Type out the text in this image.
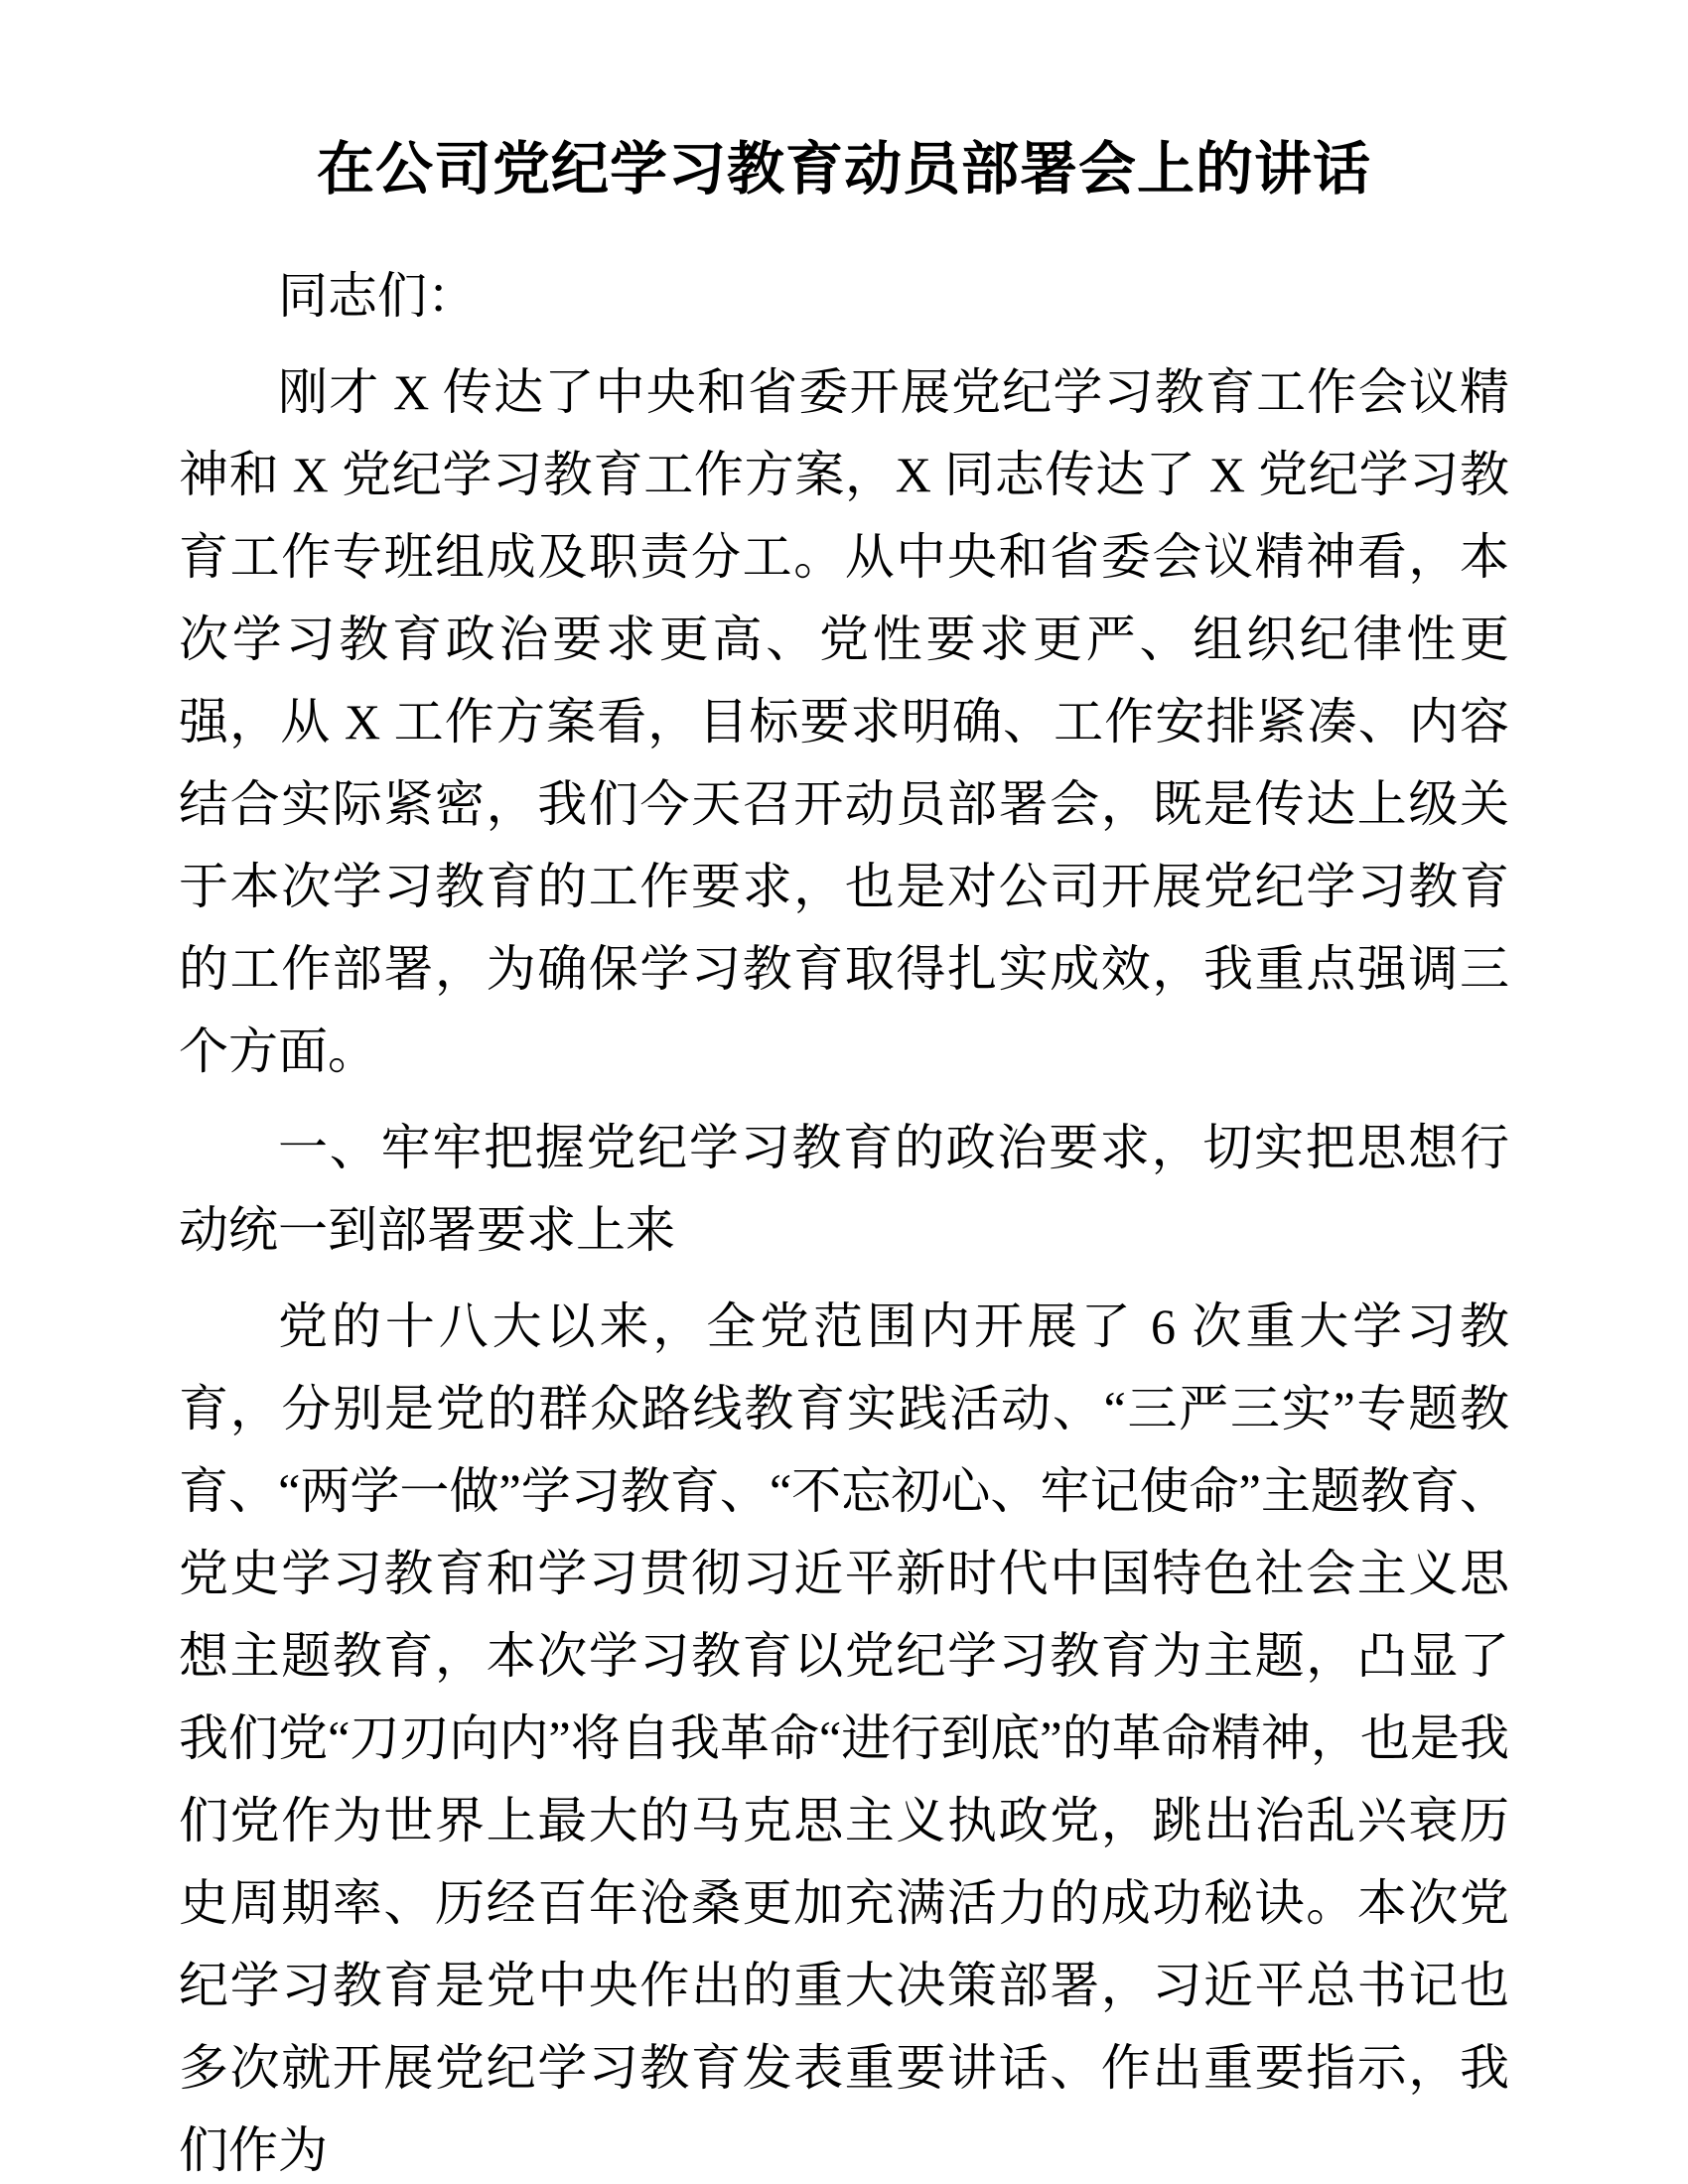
在公司党纪学习教育动员部署会上的讲话

同志们：

刚才 X 传达了中央和省委开展党纪学习教育工作会议精神和 X 党纪学习教育工作方案，X 同志传达了 X 党纪学习教育工作专班组成及职责分工。从中央和省委会议精神看，本次学习教育政治要求更高、党性要求更严、组织纪律性更强，从 X 工作方案看，目标要求明确、工作安排紧凑、内容结合实际紧密，我们今天召开动员部署会，既是传达上级关于本次学习教育的工作要求，也是对公司开展党纪学习教育的工作部署，为确保学习教育取得扎实成效，我重点强调三个方面。

一、牢牢把握党纪学习教育的政治要求，切实把思想行动统一到部署要求上来

党的十八大以来，全党范围内开展了 6 次重大学习教育，分别是党的群众路线教育实践活动、“三严三实”专题教育、“两学一做”学习教育、“不忘初心、牢记使命”主题教育、党史学习教育和学习贯彻习近平新时代中国特色社会主义思想主题教育，本次学习教育以党纪学习教育为主题，凸显了我们党“刀刃向内”将自我革命“进行到底”的革命精神，也是我们党作为世界上最大的马克思主义执政党，跳出治乱兴衰历史周期率、历经百年沧桑更加充满活力的成功秘诀。本次党纪学习教育是党中央作出的重大决策部署，习近平总书记也多次就开展党纪学习教育发表重要讲话、作出重要指示，我们作为
